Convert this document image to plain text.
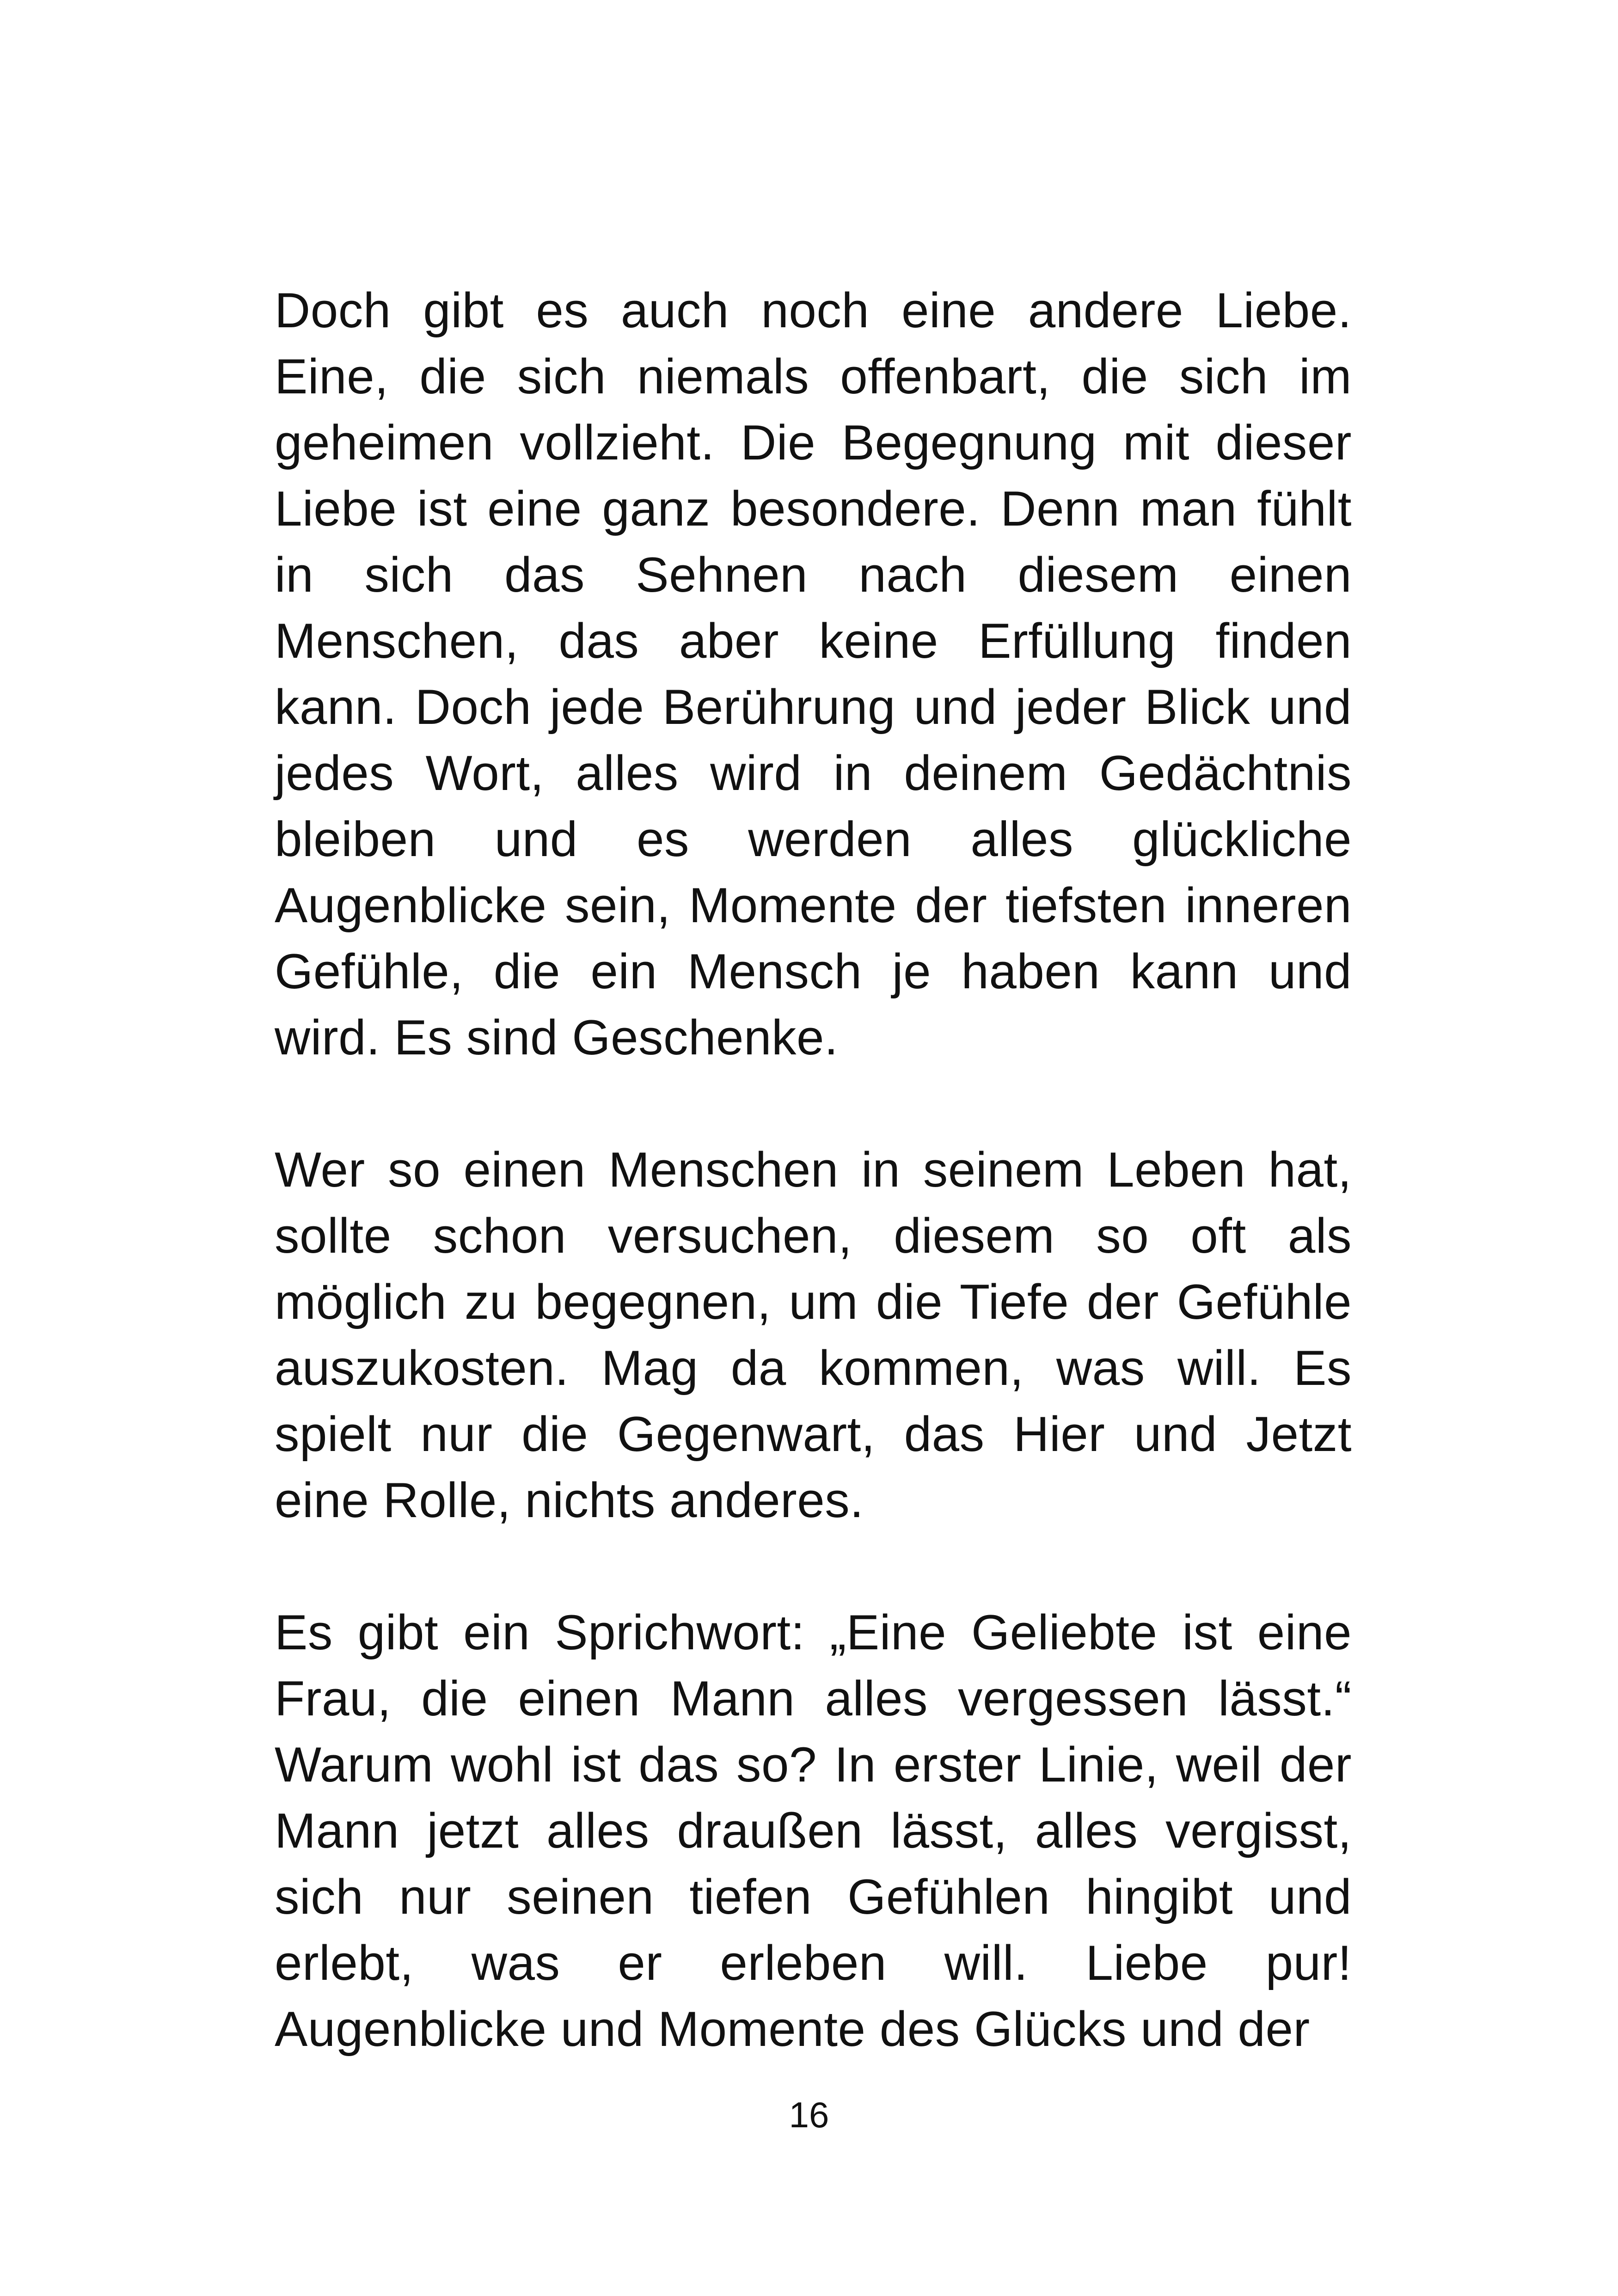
Doch gibt es auch noch eine andere Liebe. Eine, die sich niemals offenbart, die sich im geheimen vollzieht. Die Begegnung mit dieser Liebe ist eine ganz besondere. Denn man fühlt in sich das Sehnen nach diesem einen Menschen, das aber keine Erfüllung finden kann. Doch jede Berührung und jeder Blick und jedes Wort, alles wird in deinem Gedächtnis bleiben und es werden alles glückliche Augenblicke sein, Momente der tiefsten inneren Gefühle, die ein Mensch je haben kann und wird. Es sind Geschenke.

Wer so einen Menschen in seinem Leben hat, sollte schon versuchen, diesem so oft als möglich zu begegnen, um die Tiefe der Gefühle auszukosten. Mag da kommen, was will. Es spielt nur die Gegenwart, das Hier und Jetzt eine Rolle, nichts anderes.

Es gibt ein Sprichwort: „Eine Geliebte ist eine Frau, die einen Mann alles vergessen lässt.“ Warum wohl ist das so? In erster Linie, weil der Mann jetzt alles draußen lässt, alles vergisst, sich nur seinen tiefen Gefühlen hingibt und erlebt, was er erleben will. Liebe pur! Augenblicke und Momente des Glücks und der

16
